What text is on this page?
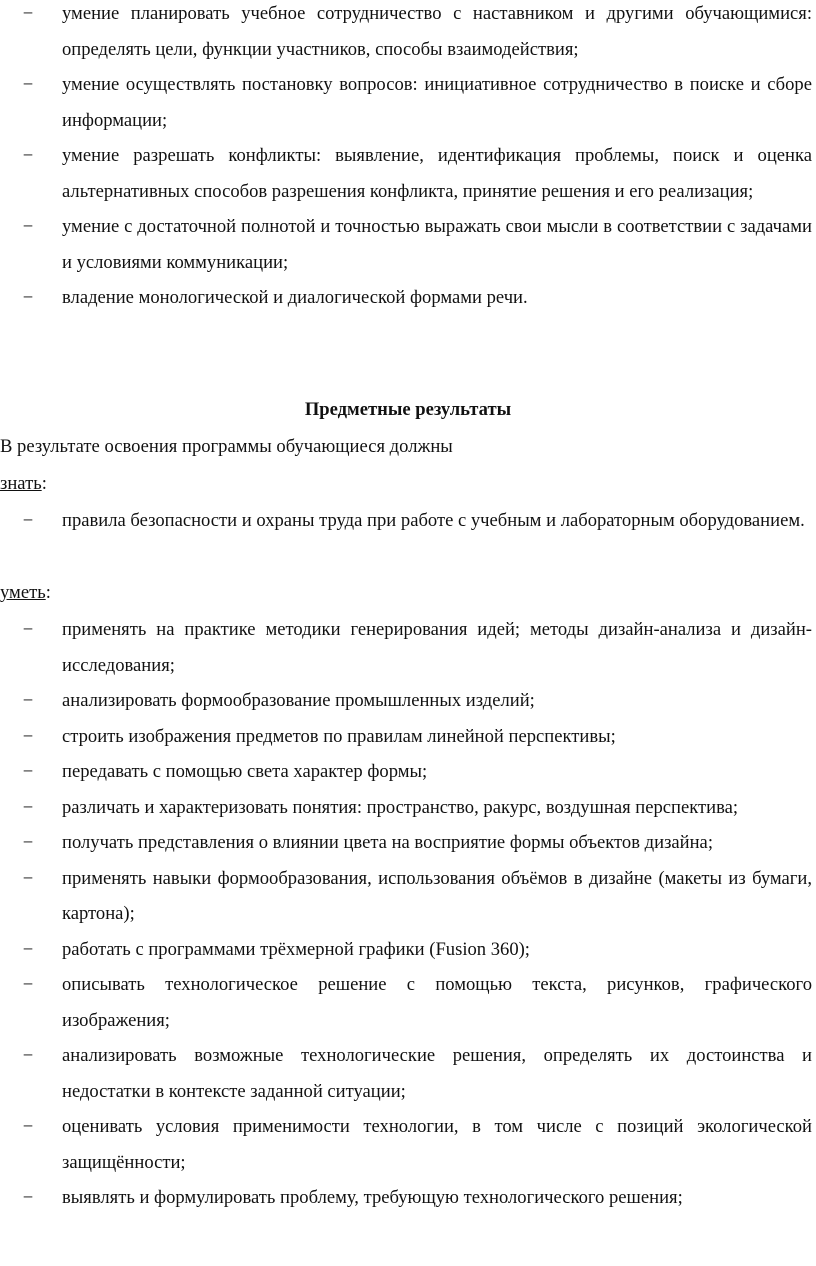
−	умение планировать учебное сотрудничество с наставником и другими обучающимися: определять цели, функции участников, способы взаимодействия;
−	умение осуществлять постановку вопросов: инициативное сотрудничество в поиске и сборе информации;
−	умение разрешать конфликты: выявление, идентификация проблемы, поиск и оценка альтернативных способов разрешения конфликта, принятие решения и его реализация;
−	умение с достаточной полнотой и точностью выражать свои мысли в соответствии с задачами и условиями коммуникации;
−	владение монологической и диалогической формами речи.
Предметные результаты
В результате освоения программы обучающиеся должны
знать:
−	правила безопасности и охраны труда при работе с учебным и лабораторным оборудованием.
уметь:
−	применять на практике методики генерирования идей; методы дизайн-анализа и дизайн-исследования;
−	анализировать формообразование промышленных изделий;
−	строить изображения предметов по правилам линейной перспективы;
−	передавать с помощью света характер формы;
−	различать и характеризовать понятия: пространство, ракурс, воздушная перспектива;
−	получать представления о влиянии цвета на восприятие формы объектов дизайна;
−	применять навыки формообразования, использования объёмов в дизайне (макеты из бумаги, картона);
−	работать с программами трёхмерной графики (Fusion 360);
−	описывать технологическое решение с помощью текста, рисунков, графического изображения;
−	анализировать возможные технологические решения, определять их достоинства и недостатки в контексте заданной ситуации;
−	оценивать условия применимости технологии, в том числе с позиций экологической защищённости;
−	выявлять и формулировать проблему, требующую технологического решения;
